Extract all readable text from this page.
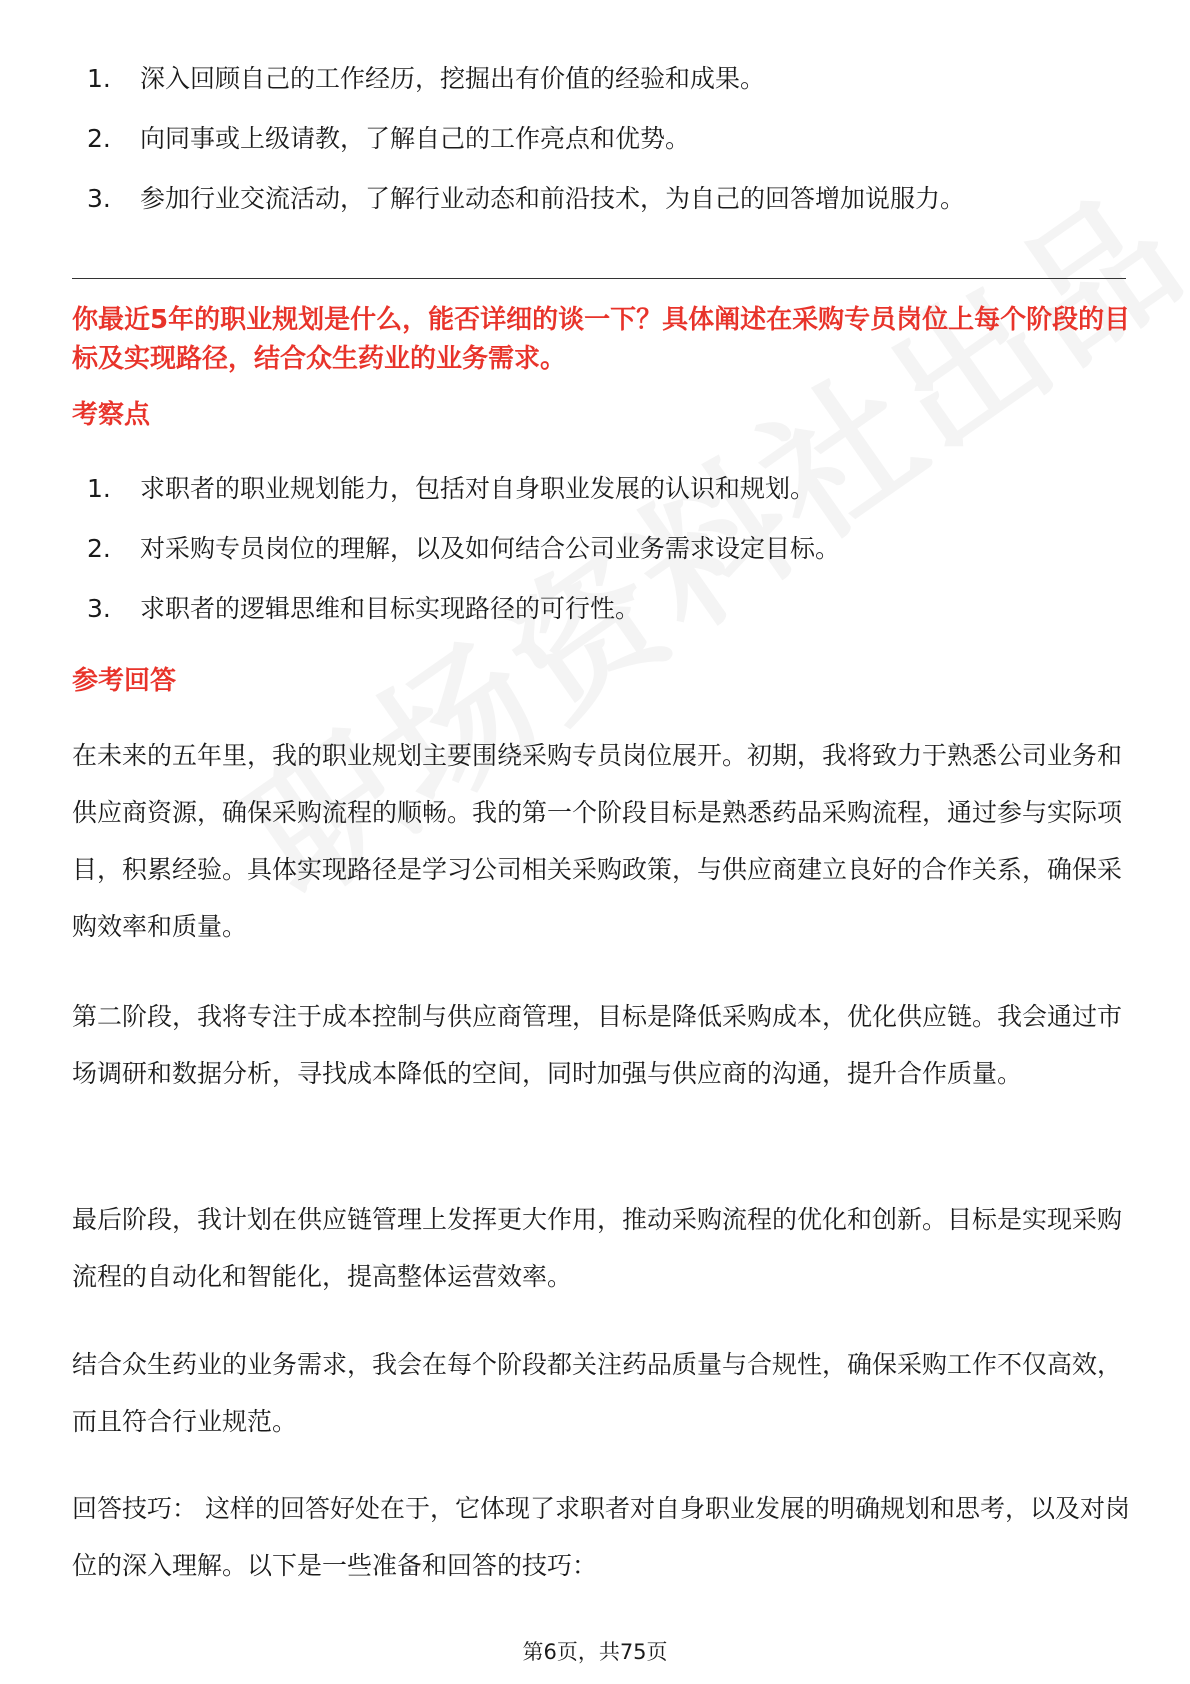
1.	深入回顾自己的工作经历，挖掘出有价值的经验和成果。
2.	向同事或上级请教，了解自己的工作亮点和优势。
3.	参加行业交流活动，了解行业动态和前沿技术，为自己的回答增加说服力。

你最近5年的职业规划是什么，能否详细的谈一下？具体阐述在采购专员岗位上每个阶段的目标及实现路径，结合众生药业的业务需求。

考察点

1.	求职者的职业规划能力，包括对自身职业发展的认识和规划。
2.	对采购专员岗位的理解，以及如何结合公司业务需求设定目标。
3.	求职者的逻辑思维和目标实现路径的可行性。

参考回答

在未来的五年里，我的职业规划主要围绕采购专员岗位展开。初期，我将致力于熟悉公司业务和供应商资源，确保采购流程的顺畅。我的第一个阶段目标是熟悉药品采购流程，通过参与实际项目，积累经验。具体实现路径是学习公司相关采购政策，与供应商建立良好的合作关系，确保采购效率和质量。

第二阶段，我将专注于成本控制与供应商管理，目标是降低采购成本，优化供应链。我会通过市场调研和数据分析，寻找成本降低的空间，同时加强与供应商的沟通，提升合作质量。

最后阶段，我计划在供应链管理上发挥更大作用，推动采购流程的优化和创新。目标是实现采购流程的自动化和智能化，提高整体运营效率。

结合众生药业的业务需求，我会在每个阶段都关注药品质量与合规性，确保采购工作不仅高效，而且符合行业规范。

回答技巧： 这样的回答好处在于，它体现了求职者对自身职业发展的明确规划和思考，以及对岗位的深入理解。以下是一些准备和回答的技巧：

第6页，共75页
